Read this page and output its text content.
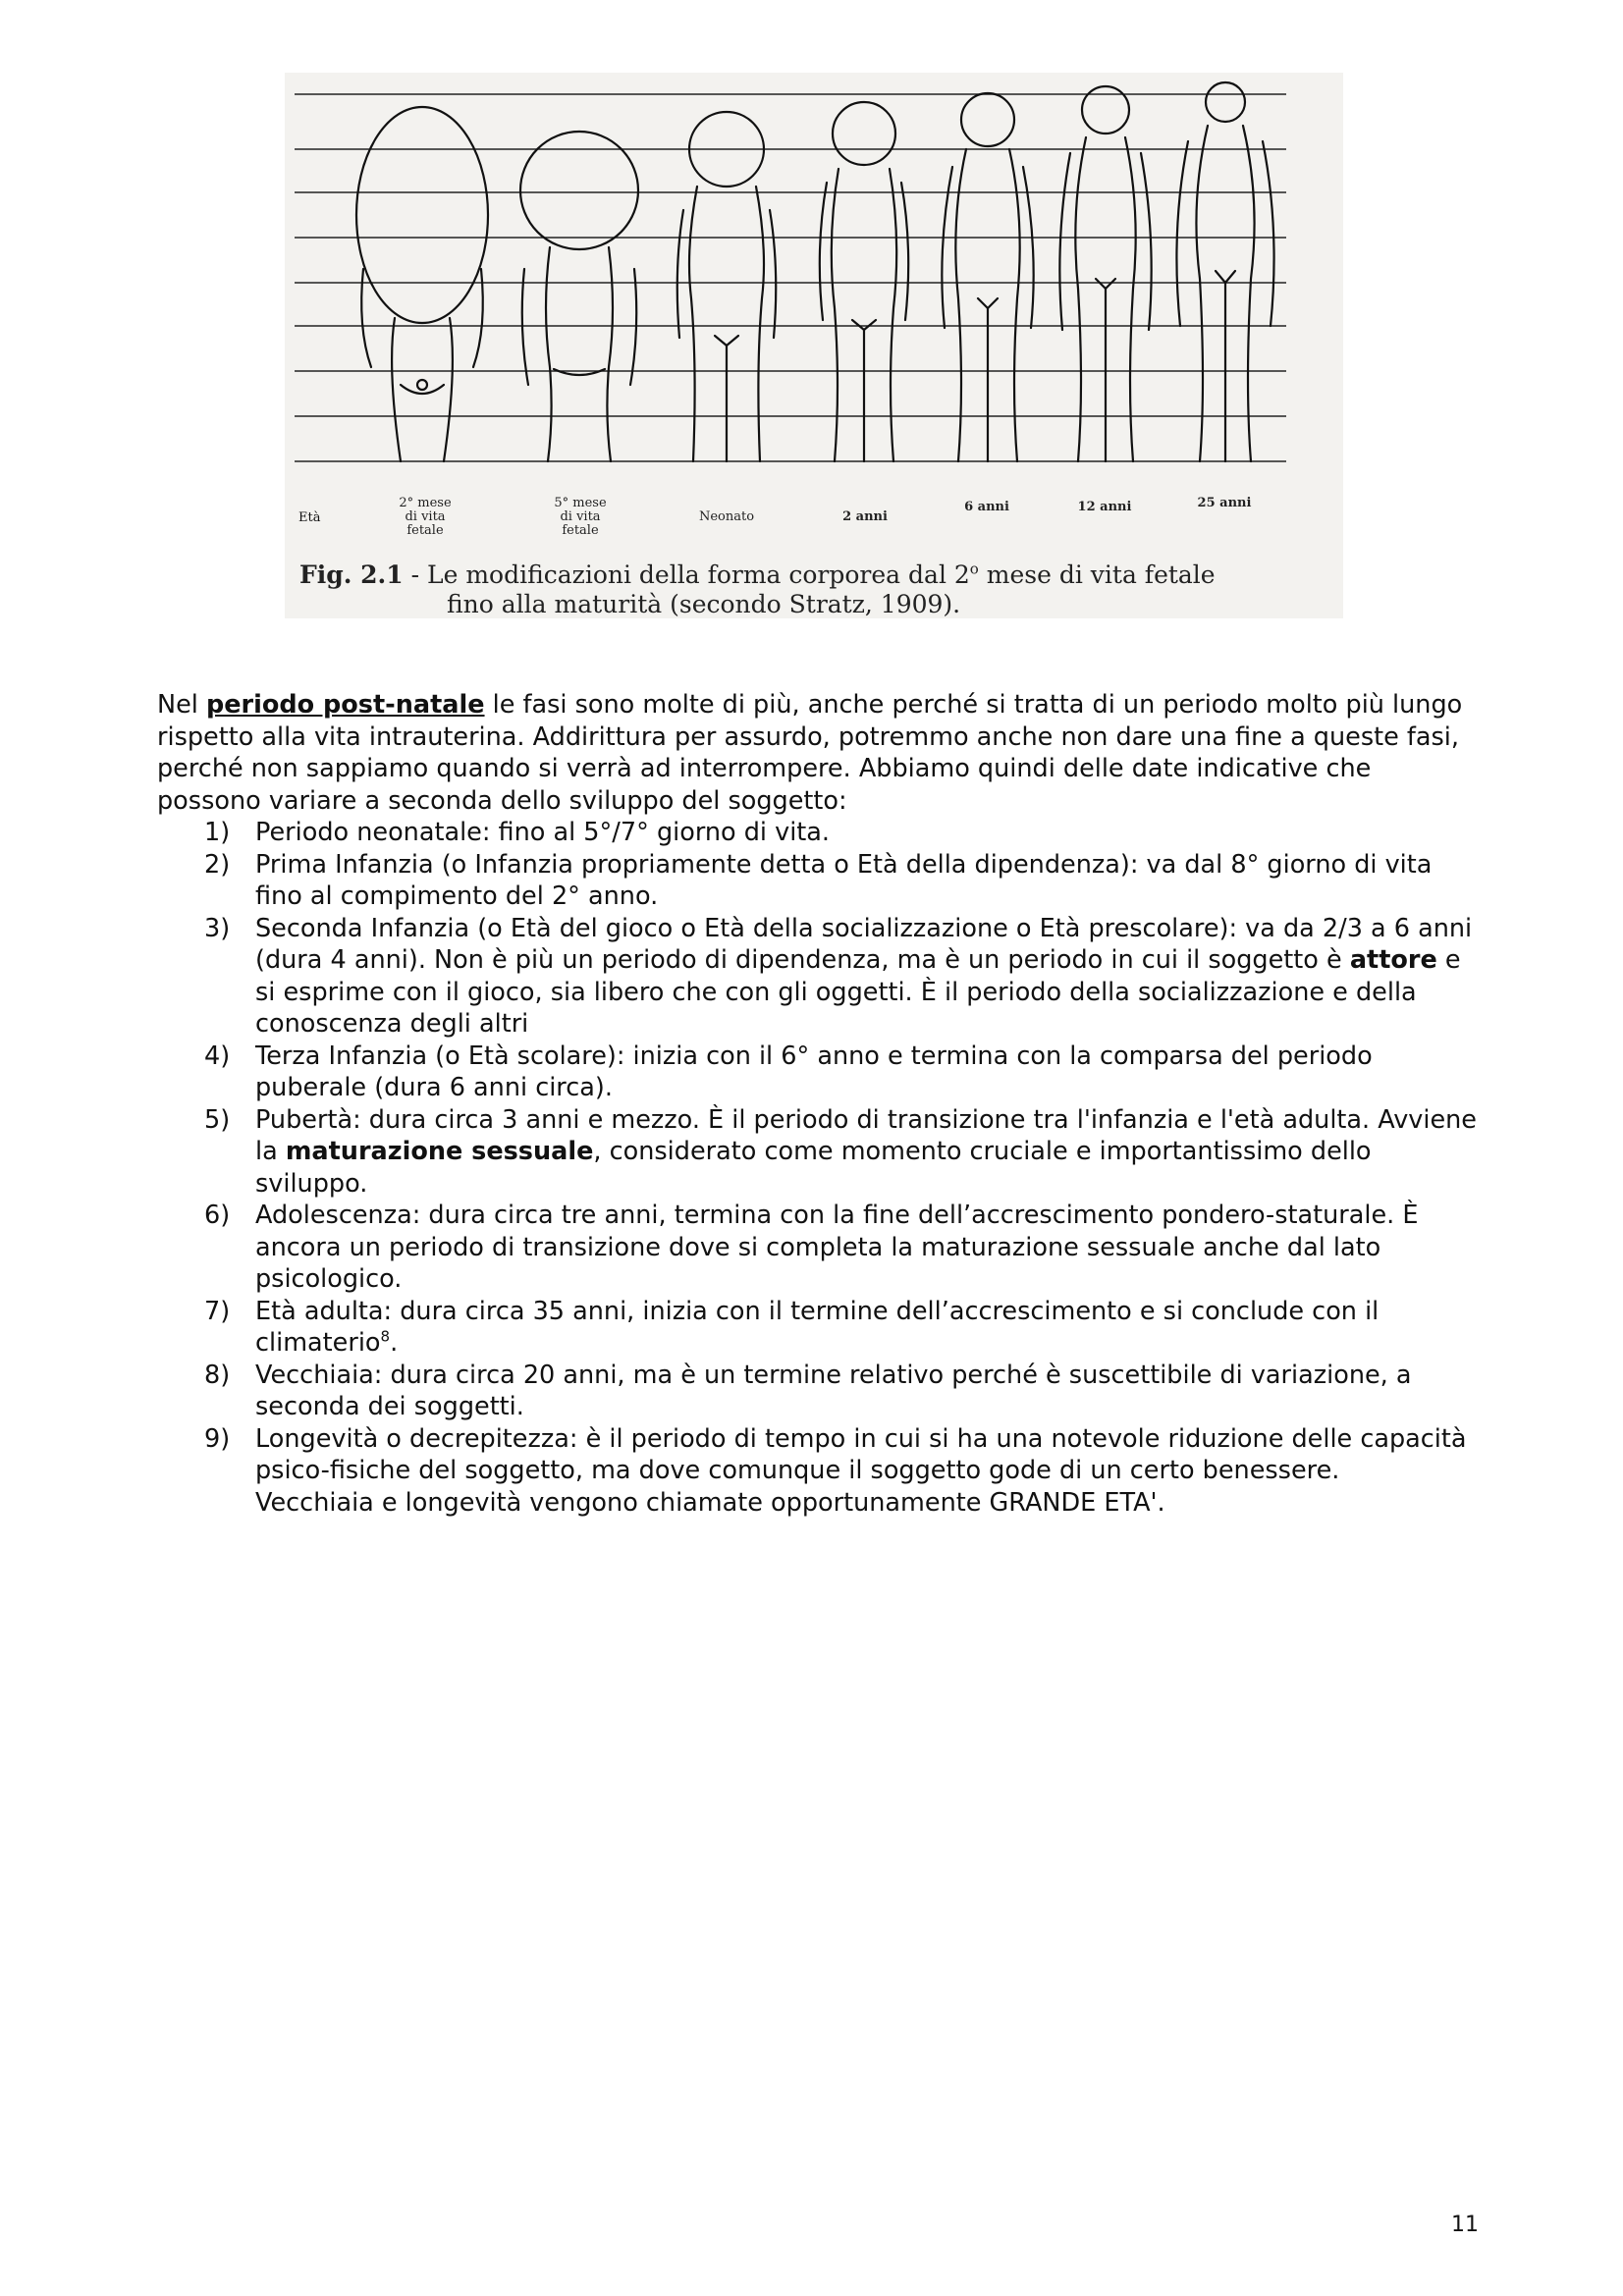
Età
2° mese
di vita
fetale
5° mese
di vita
fetale
Neonato	2 anni
6 anni	12 anni	25 anni
Fig. 2.1 - Le modificazioni della forma corporea dal 2$^o$ mese di vita fetale
fino alla maturità (secondo Stratz, 1909).

Nel periodo post-natale le fasi sono molte di più, anche perché si tratta di un periodo molto più lungo rispetto alla vita intrauterina. Addirittura per assurdo, potremmo anche non dare una fine a queste fasi, perché non sappiamo quando si verrà ad interrompere. Abbiamo quindi delle date indicative che possono variare a seconda dello sviluppo del soggetto:

1) Periodo neonatale: fino al 5°/7° giorno di vita.
2) Prima Infanzia (o Infanzia propriamente detta o Età della dipendenza): va dal 8° giorno di vita fino al compimento del 2° anno.
3) Seconda Infanzia (o Età del gioco o Età della socializzazione o Età prescolare): va da 2/3 a 6 anni (dura 4 anni). Non è più un periodo di dipendenza, ma è un periodo in cui il soggetto è attore e si esprime con il gioco, sia libero che con gli oggetti. È il periodo della socializzazione e della conoscenza degli altri
4) Terza Infanzia (o Età scolare): inizia con il 6° anno e termina con la comparsa del periodo puberale (dura 6 anni circa).
5) Pubertà: dura circa 3 anni e mezzo. È il periodo di transizione tra l'infanzia e l'età adulta. Avviene la maturazione sessuale, considerato come momento cruciale e importantissimo dello sviluppo.
6) Adolescenza: dura circa tre anni, termina con la fine dell’accrescimento pondero-staturale. È ancora un periodo di transizione dove si completa la maturazione sessuale anche dal lato psicologico.
7) Età adulta: dura circa 35 anni, inizia con il termine dell’accrescimento e si conclude con il climaterio$^8$.
8) Vecchiaia: dura circa 20 anni, ma è un termine relativo perché è suscettibile di variazione, a seconda dei soggetti.
9) Longevità o decrepitezza: è il periodo di tempo in cui si ha una notevole riduzione delle capacità psico-fisiche del soggetto, ma dove comunque il soggetto gode di un certo benessere.

Vecchiaia e longevità vengono chiamate opportunamente GRANDE ETA'.

11
